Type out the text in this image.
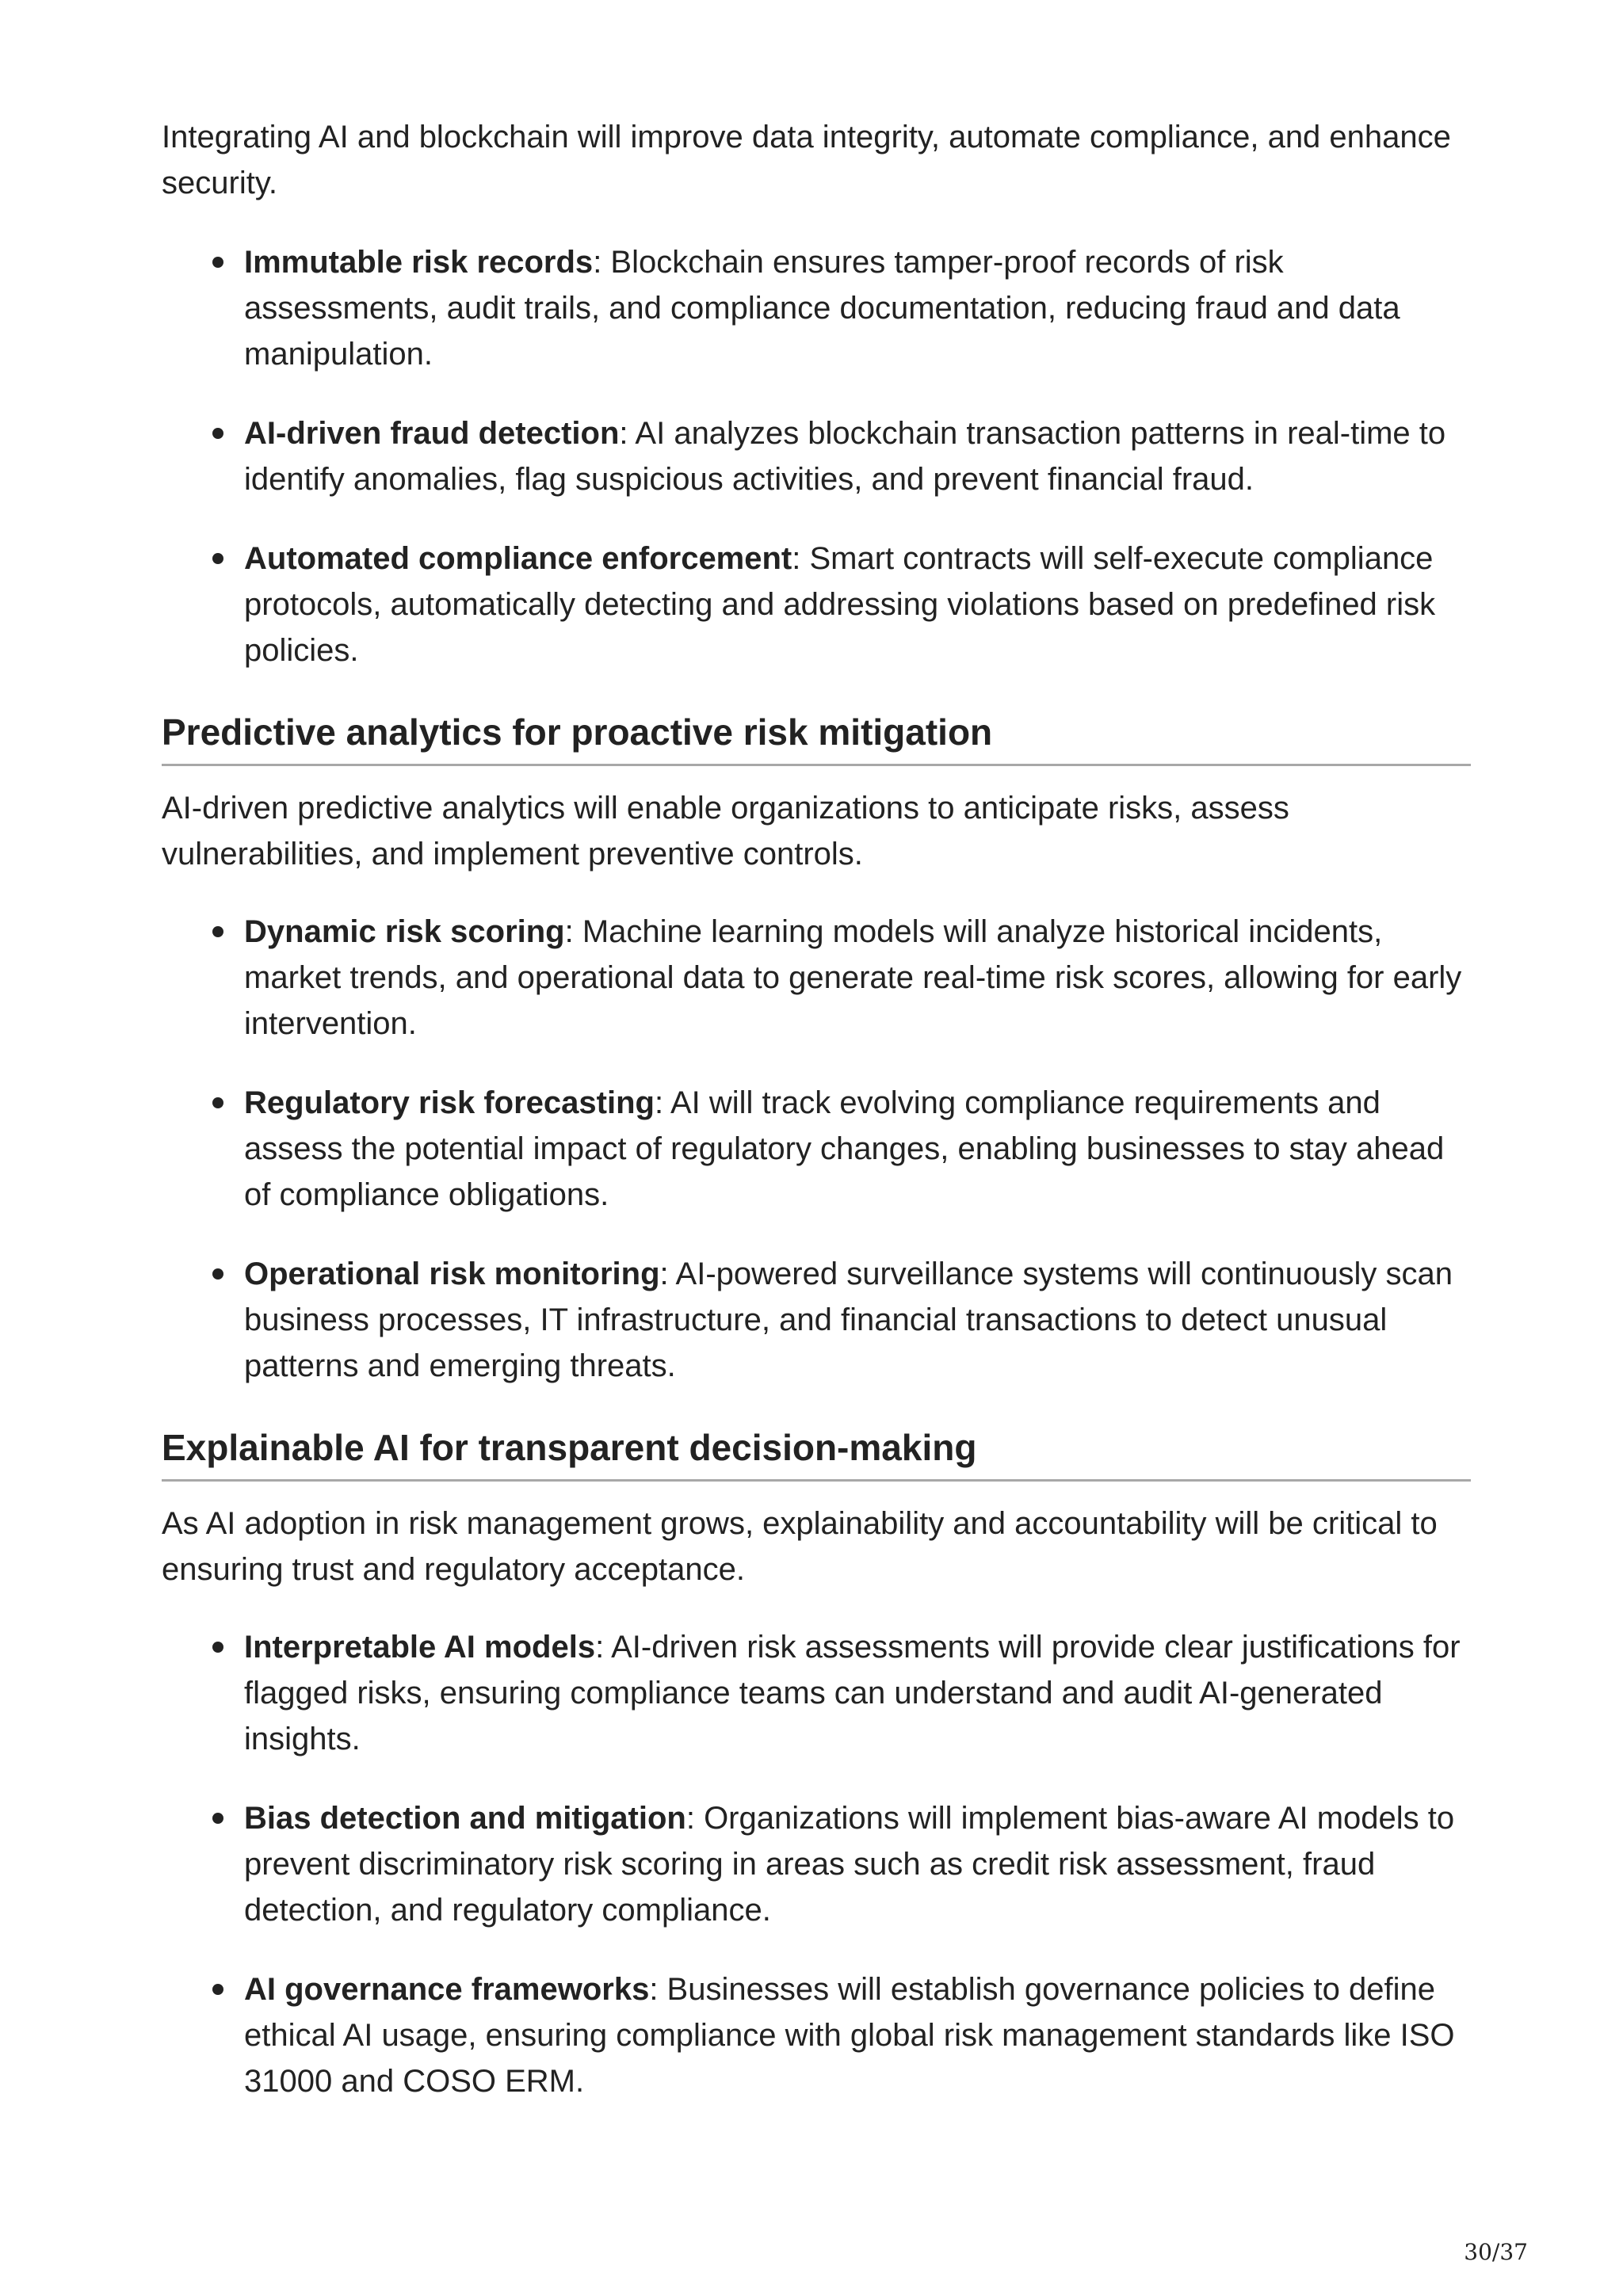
Integrating AI and blockchain will improve data integrity, automate compliance, and enhance security.

Immutable risk records: Blockchain ensures tamper-proof records of risk assessments, audit trails, and compliance documentation, reducing fraud and data manipulation.
AI-driven fraud detection: AI analyzes blockchain transaction patterns in real-time to identify anomalies, flag suspicious activities, and prevent financial fraud.
Automated compliance enforcement: Smart contracts will self-execute compliance protocols, automatically detecting and addressing violations based on predefined risk policies.
Predictive analytics for proactive risk mitigation

AI-driven predictive analytics will enable organizations to anticipate risks, assess vulnerabilities, and implement preventive controls.

Dynamic risk scoring: Machine learning models will analyze historical incidents, market trends, and operational data to generate real-time risk scores, allowing for early intervention.
Regulatory risk forecasting: AI will track evolving compliance requirements and assess the potential impact of regulatory changes, enabling businesses to stay ahead of compliance obligations.
Operational risk monitoring: AI-powered surveillance systems will continuously scan business processes, IT infrastructure, and financial transactions to detect unusual patterns and emerging threats.
Explainable AI for transparent decision-making

As AI adoption in risk management grows, explainability and accountability will be critical to ensuring trust and regulatory acceptance.

Interpretable AI models: AI-driven risk assessments will provide clear justifications for flagged risks, ensuring compliance teams can understand and audit AI-generated insights.
Bias detection and mitigation: Organizations will implement bias-aware AI models to prevent discriminatory risk scoring in areas such as credit risk assessment, fraud detection, and regulatory compliance.
AI governance frameworks: Businesses will establish governance policies to define ethical AI usage, ensuring compliance with global risk management standards like ISO 31000 and COSO ERM.
30/37
